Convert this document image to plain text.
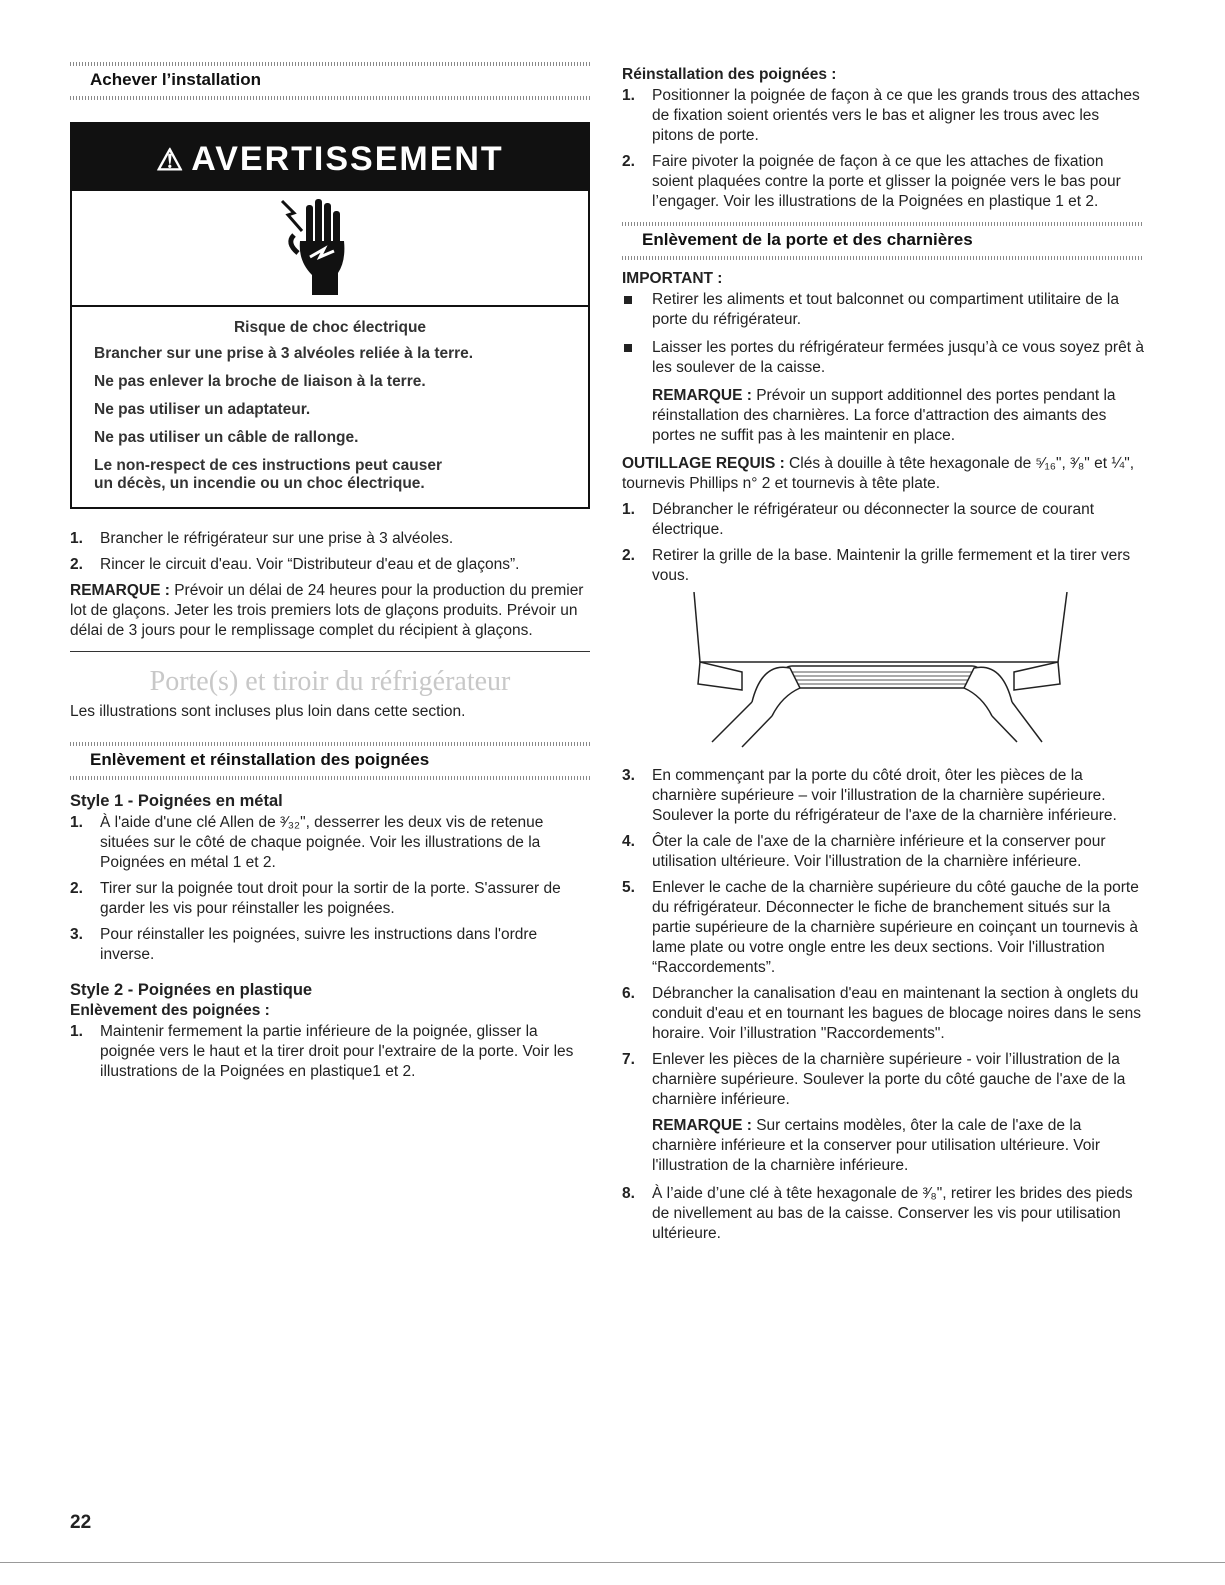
Achever l’installation
⚠ AVERTISSEMENT
Risque de choc électrique
Brancher sur une prise à 3 alvéoles reliée à la terre.
Ne pas enlever la broche de liaison à la terre.
Ne pas utiliser un adaptateur.
Ne pas utiliser un câble de rallonge.
Le non-respect de ces instructions peut causer
un décès, un incendie ou un choc électrique.
1. Brancher le réfrigérateur sur une prise à 3 alvéoles.
2. Rincer le circuit d'eau. Voir “Distributeur d'eau et de glaçons”.

REMARQUE : Prévoir un délai de 24 heures pour la production du premier lot de glaçons. Jeter les trois premiers lots de glaçons produits. Prévoir un délai de 3 jours pour le remplissage complet du récipient à glaçons.

Porte(s) et tiroir du réfrigérateur

Les illustrations sont incluses plus loin dans cette section.

Enlèvement et réinstallation des poignées
Style 1 - Poignées en métal
1. À l'aide d'une clé Allen de ³⁄₃₂", desserrer les deux vis de retenue situées sur le côté de chaque poignée. Voir les illustrations de la Poignées en métal 1 et 2.
2. Tirer sur la poignée tout droit pour la sortir de la porte. S'assurer de garder les vis pour réinstaller les poignées.
3. Pour réinstaller les poignées, suivre les instructions dans l'ordre inverse.
Style 2 - Poignées en plastique
Enlèvement des poignées :
1. Maintenir fermement la partie inférieure de la poignée, glisser la poignée vers le haut et la tirer droit pour l'extraire de la porte. Voir les illustrations de la Poignées en plastique1 et 2.
Réinstallation des poignées :
1. Positionner la poignée de façon à ce que les grands trous des attaches de fixation soient orientés vers le bas et aligner les trous avec les pitons de porte.
2. Faire pivoter la poignée de façon à ce que les attaches de fixation soient plaquées contre la porte et glisser la poignée vers le bas pour l’engager. Voir les illustrations de la Poignées en plastique 1 et 2.
Enlèvement de la porte et des charnières
IMPORTANT :
Retirer les aliments et tout balconnet ou compartiment utilitaire de la porte du réfrigérateur.
Laisser les portes du réfrigérateur fermées jusqu’à ce vous soyez prêt à les soulever de la caisse.

REMARQUE : Prévoir un support additionnel des portes pendant la réinstallation des charnières. La force d'attraction des aimants des portes ne suffit pas à les maintenir en place.

OUTILLAGE REQUIS : Clés à douille à tête hexagonale de ⁵⁄₁₆", ³⁄₈" et ¼", tournevis Phillips n° 2 et tournevis à tête plate.

1. Débrancher le réfrigérateur ou déconnecter la source de courant électrique.
2. Retirer la grille de la base. Maintenir la grille fermement et la tirer vers vous.
3. En commençant par la porte du côté droit, ôter les pièces de la charnière supérieure – voir l'illustration de la charnière supérieure. Soulever la porte du réfrigérateur de l'axe de la charnière inférieure.
4. Ôter la cale de l'axe de la charnière inférieure et la conserver pour utilisation ultérieure. Voir l'illustration de la charnière inférieure.
5. Enlever le cache de la charnière supérieure du côté gauche de la porte du réfrigérateur. Déconnecter le fiche de branchement situés sur la partie supérieure de la charnière supérieure en coinçant un tournevis à lame plate ou votre ongle entre les deux sections. Voir l'illustration “Raccordements”.
6. Débrancher la canalisation d'eau en maintenant la section à onglets du conduit d'eau et en tournant les bagues de blocage noires dans le sens horaire. Voir l’illustration "Raccordements".
7. Enlever les pièces de la charnière supérieure - voir l’illustration de la charnière supérieure. Soulever la porte du côté gauche de l'axe de la charnière inférieure.

REMARQUE : Sur certains modèles, ôter la cale de l'axe de la charnière inférieure et la conserver pour utilisation ultérieure. Voir l'illustration de la charnière inférieure.

8. À l’aide d’une clé à tête hexagonale de ³⁄₈", retirer les brides des pieds de nivellement au bas de la caisse. Conserver les vis pour utilisation ultérieure.
22
